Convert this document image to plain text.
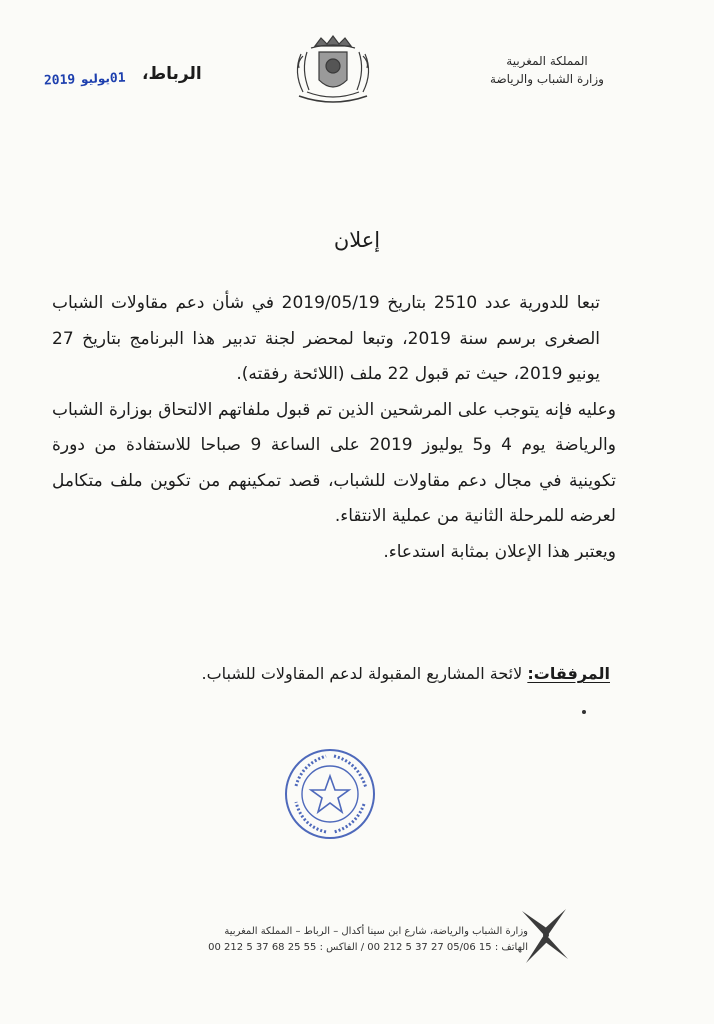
المملكة المغربية
وزارة الشباب والرياضة
الرباط،
2019 يوليو 01
إعلان

تبعا للدورية عدد 2510 بتاريخ 2019/05/19 في شأن دعم مقاولات الشباب الصغرى برسم سنة 2019، وتبعا لمحضر لجنة تدبير هذا البرنامج بتاريخ 27 يونيو 2019، حيث تم قبول 22 ملف (اللائحة رفقته).

وعليه فإنه يتوجب على المرشحين الذين تم قبول ملفاتهم الالتحاق بوزارة الشباب والرياضة يوم 4 و5 يوليوز 2019 على الساعة 9 صباحا للاستفادة من دورة تكوينية في مجال دعم مقاولات للشباب، قصد تمكينهم من تكوين ملف متكامل لعرضه للمرحلة الثانية من عملية الانتقاء.

ويعتبر هذا الإعلان بمثابة استدعاء.

المرفقات: لائحة المشاريع المقبولة لدعم المقاولات للشباب.
وزارة الشباب والرياضة، شارع ابن سينا أكدال – الرباط – المملكة المغربية
الهاتف : 15 05/06 27 37 5 212 00 / الفاكس : 55 25 68 37 5 212 00
